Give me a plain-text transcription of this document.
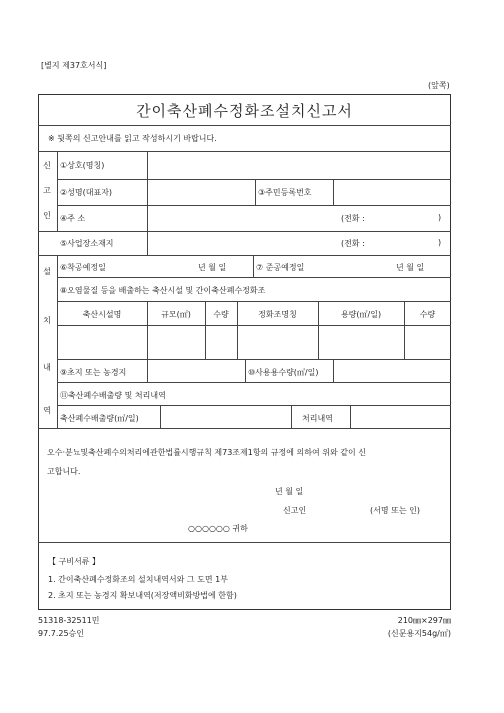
[별지 제37호서식]
(앞쪽)
간이축산폐수정화조설치신고서
※ 뒷쪽의 신고안내를 읽고 작성하시기 바랍니다.
신
고
인
①상호(명칭)
②성명(대표자)	③주민등록번호
④주 소	(전화 :	)
⑤사업장소재지	(전화 :	)
설
치
내
역
⑥착공예정일	년 월 일	⑦ 준공예정일	년 월 일
⑧오염물질 등을 배출하는 축산시설 및 간이축산폐수정화조
축산시설명	규모(㎡)	수량	정화조명칭	용량(㎥/일)	수량
⑨초지 또는 농경지	⑩사용용수량(㎥/일)
⑪축산폐수배출량 및 처리내역
축산폐수배출량(㎥/일)	처리내역
오수·분뇨및축산폐수의처리에관한법률시행규칙 제73조제1항의 규정에 의하여 위와 같이 신
고합니다.
년 월 일
신고인	(서명 또는 인)
○○○○○○ 귀하
【 구비서류 】
1. 간이축산폐수정화조의 설치내역서와 그 도면 1부
2. 초지 또는 농경지 확보내역(저장액비화방법에 한함)
51318-32511민
97.7.25승인
210㎜×297㎜
(신문용지54g/㎡)
